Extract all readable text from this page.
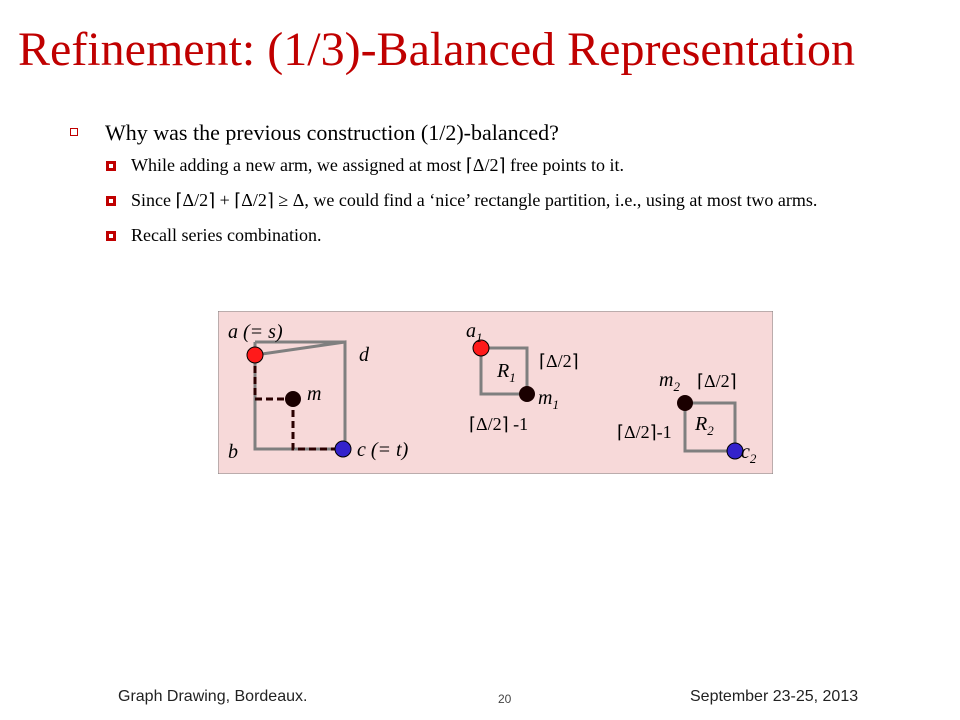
Refinement: (1/3)-Balanced Representation
Why was the previous construction (1/2)-balanced?
While adding a new arm, we assigned at most ⌈Δ/2⌉ free points to it.
Since ⌈Δ/2⌉ + ⌈Δ/2⌉ ≥ Δ, we could find a ‘nice’ rectangle partition, i.e., using at most two arms.
Recall series combination.
a (= s)
b	c (= t)
d
m
$a_1$
$R_1$
$m_1$
⌈Δ/2⌉
⌈Δ/2⌉ -1
$m_2$ ⌈Δ/2⌉
$R_2$
⌈Δ/2⌉-1
$c_2$
Graph Drawing, Bordeaux.	20	September 23-25, 2013
